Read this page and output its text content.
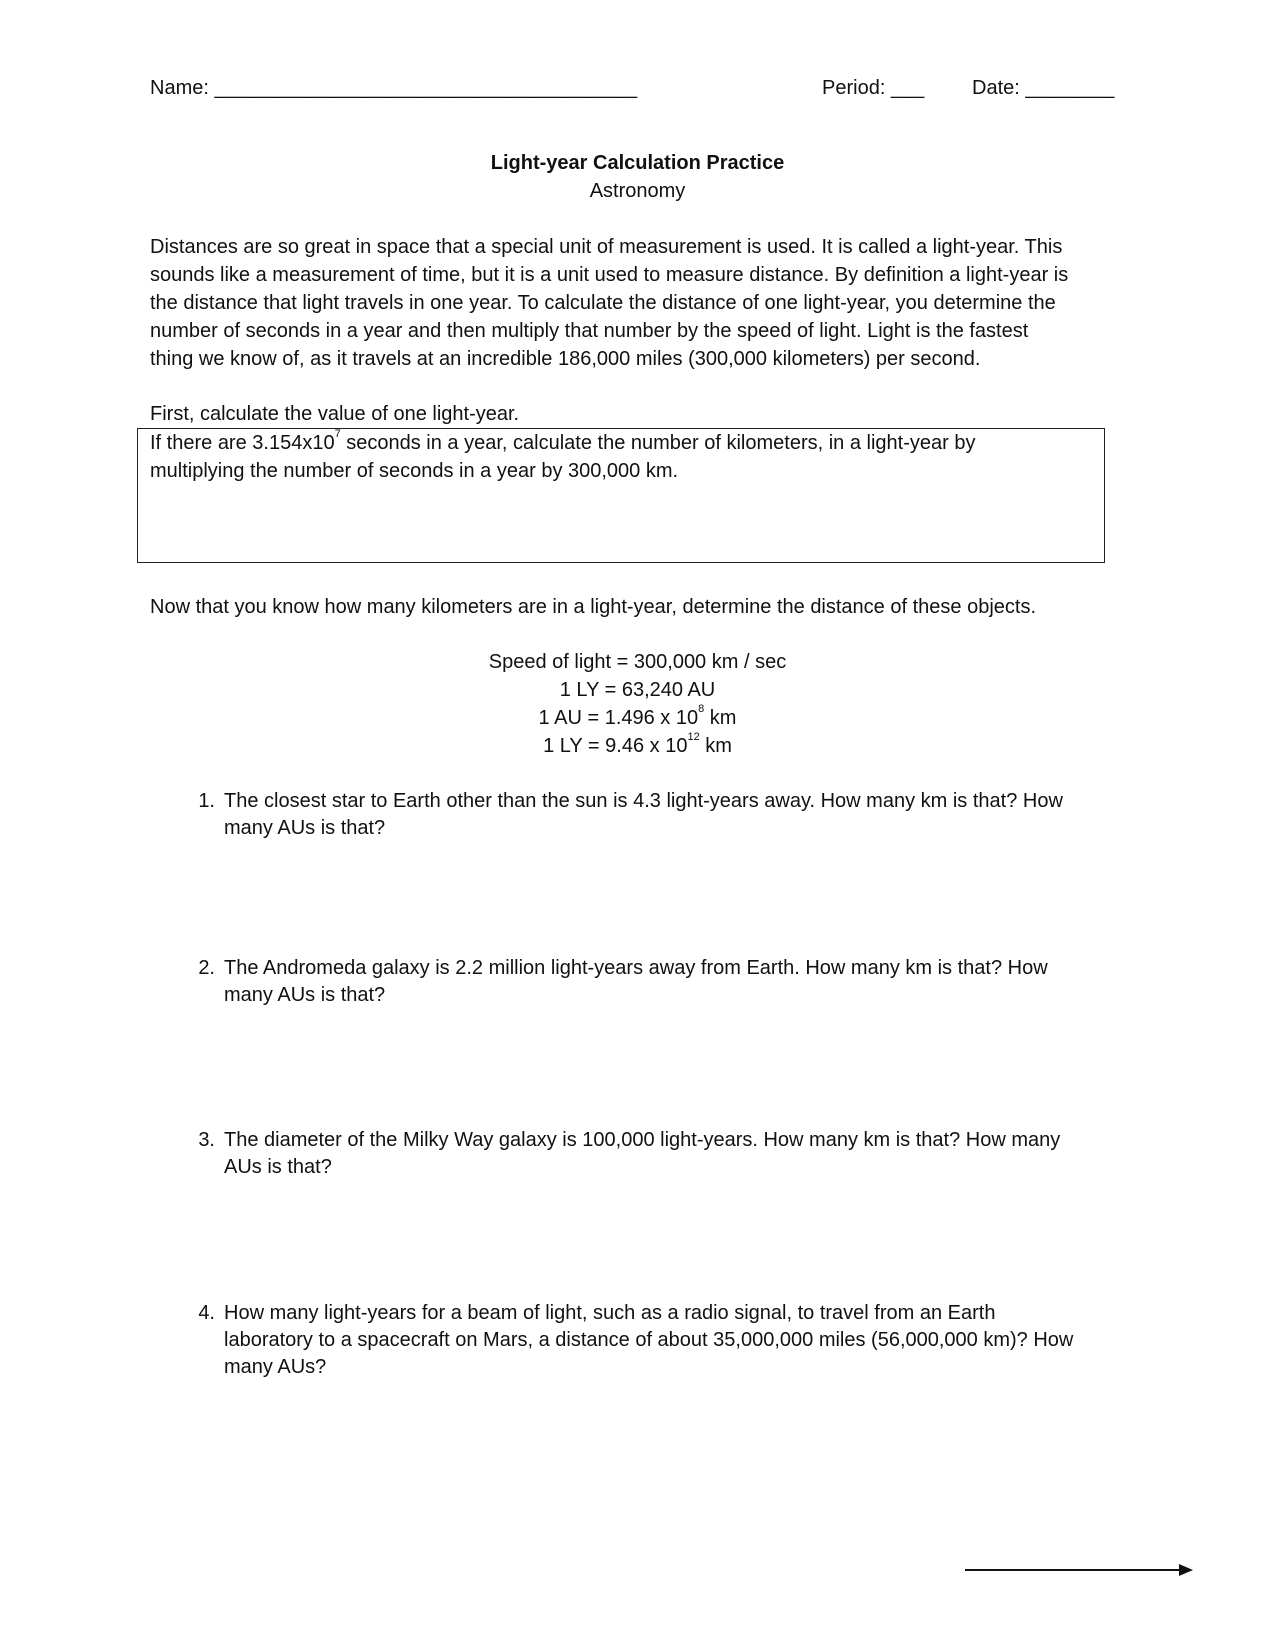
Name: ______________________________________	Period: ___ Date: ________
Light-year Calculation Practice
Astronomy
Distances are so great in space that a special unit of measurement is used. It is called a light-year. This
sounds like a measurement of time, but it is a unit used to measure distance. By definition a light-year is
the distance that light travels in one year. To calculate the distance of one light-year, you determine the
number of seconds in a year and then multiply that number by the speed of light. Light is the fastest
thing we know of, as it travels at an incredible 186,000 miles (300,000 kilometers) per second.
First, calculate the value of one light-year.
If there are $3.154x10^7$ seconds in a year, calculate the number of kilometers, in a light-year by
multiplying the number of seconds in a year by 300,000 km.
Now that you know how many kilometers are in a light-year, determine the distance of these objects.
Speed of light = 300,000 km / sec
1 LY = 63,240 AU
1 AU = 1.496 x $10^8$ km
1 LY = 9.46 x $10^{12}$ km
1. The closest star to Earth other than the sun is 4.3 light-years away. How many km is that? How
many AUs is that?
2. The Andromeda galaxy is 2.2 million light-years away from Earth. How many km is that? How
many AUs is that?
3. The diameter of the Milky Way galaxy is 100,000 light-years. How many km is that? How many
AUs is that?
4. How many light-years for a beam of light, such as a radio signal, to travel from an Earth
laboratory to a spacecraft on Mars, a distance of about 35,000,000 miles (56,000,000 km)? How
many AUs?
